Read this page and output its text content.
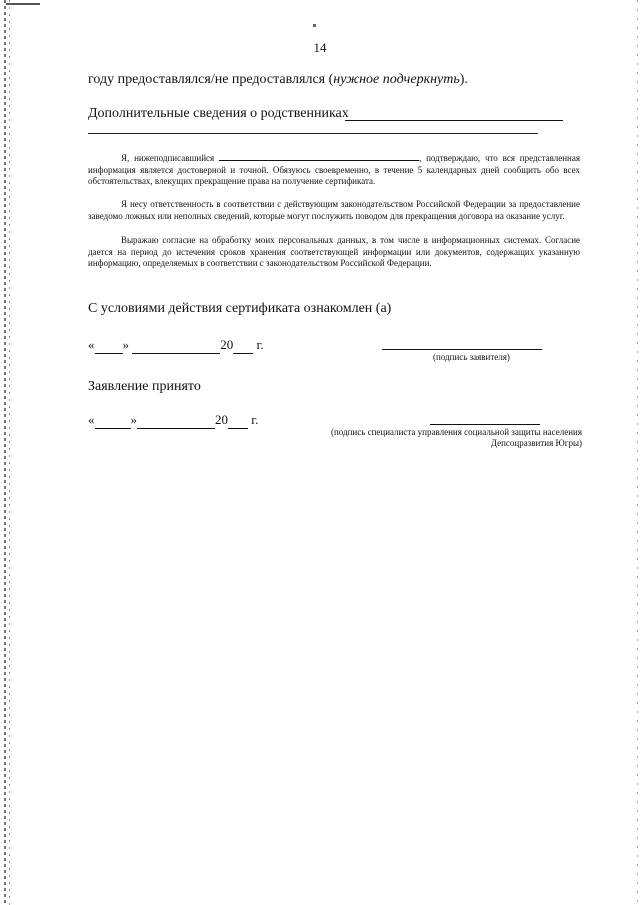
14
году предоставлялся/не предоставлялся (нужное подчеркнуть).
Дополнительные сведения о родственниках

Я, нижеподписавшийся	, подтверждаю, что вся представленная информация является достоверной и точной. Обязуюсь своевременно, в течение 5 календарных дней сообщить обо всех обстоятельствах, влекущих прекращение права на получение сертификата.

Я несу ответственность в соответствии с действующим законодательством Российской Федерации за предоставление заведомо ложных или неполных сведений, которые могут послужить поводом для прекращения договора на оказание услуг.

Выражаю согласие на обработку моих персональных данных, в том числе в информационных системах. Согласие дается на период до истечения сроков хранения соответствующей информации или документов, содержащих указанную информацию, определяемых в соответствии с законодательством Российской Федерации.

С условиями действия сертификата ознакомлен (а)
« »	20 г.
(подпись заявителя)
Заявление принято
«	»	20 г.
(подпись специалиста управления социальной защиты населения Депсоцразвития Югры)
